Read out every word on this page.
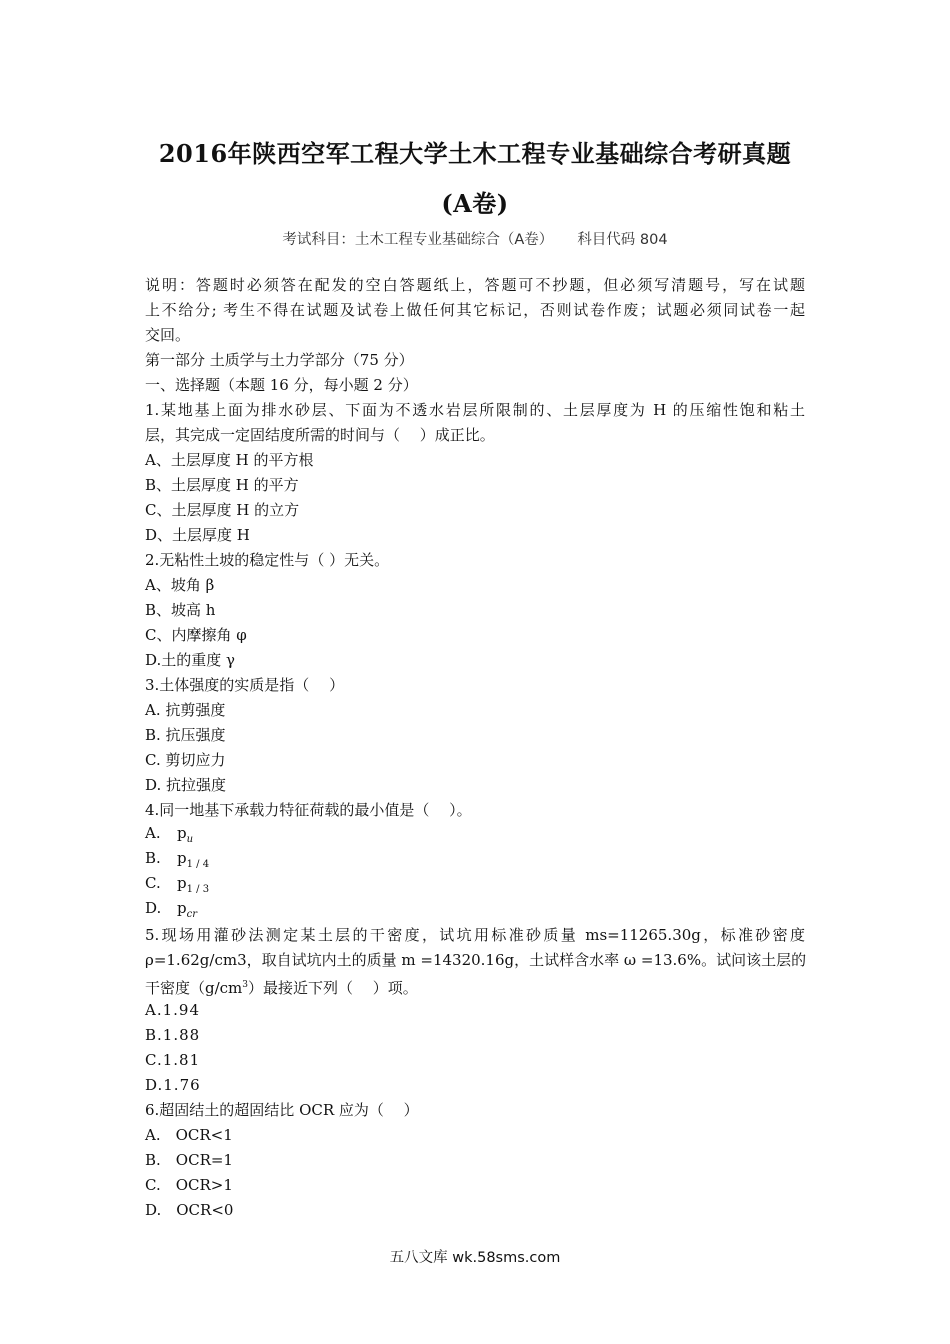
2016年陕西空军工程大学土木工程专业基础综合考研真题
(A卷)
考试科目：土木工程专业基础综合（A卷） 科目代码 804
说明：答题时必须答在配发的空白答题纸上，答题可不抄题，但必须写清题号，写在试题
上不给分; 考生不得在试题及试卷上做任何其它标记，否则试卷作废；试题必须同试卷一起
交回。
第一部分 土质学与土力学部分（75 分）
一、选择题（本题 16 分，每小题 2 分）
1.某地基上面为排水砂层、下面为不透水岩层所限制的、土层厚度为 H 的压缩性饱和粘土
层，其完成一定固结度所需的时间与（　 ）成正比。
A、土层厚度 H 的平方根
B、土层厚度 H 的平方
C、土层厚度 H 的立方
D、土层厚度 H
2.无粘性土坡的稳定性与（ ）无关。
A、坡角 β
B、坡高 h
C、内摩擦角 φ
D.土的重度 γ
3.土体强度的实质是指（　 ）
A. 抗剪强度
B. 抗压强度
C. 剪切应力
D. 抗拉强度
4.同一地基下承载力特征荷载的最小值是（　 ）。
A. $p_u$
B. $p_{1 / 4}$
C. $p_{1 / 3}$
D. $p_{cr}$
5.现场用灌砂法测定某土层的干密度，试坑用标准砂质量 ms=11265.30g，标准砂密度
ρ=1.62g/cm3，取自试坑内土的质量 m =14320.16g，土试样含水率 ω =13.6%。试问该土层的
干密度$(g/cm^3)$最接近下列（　 ）项。
A.1.94
B.1.88
C.1.81
D.1.76
6.超固结土的超固结比 OCR 应为（　 ）
A.　OCR<1
B.　OCR=1
C.　OCR>1
D.　OCR<0
五八文库 wk.58sms.com
